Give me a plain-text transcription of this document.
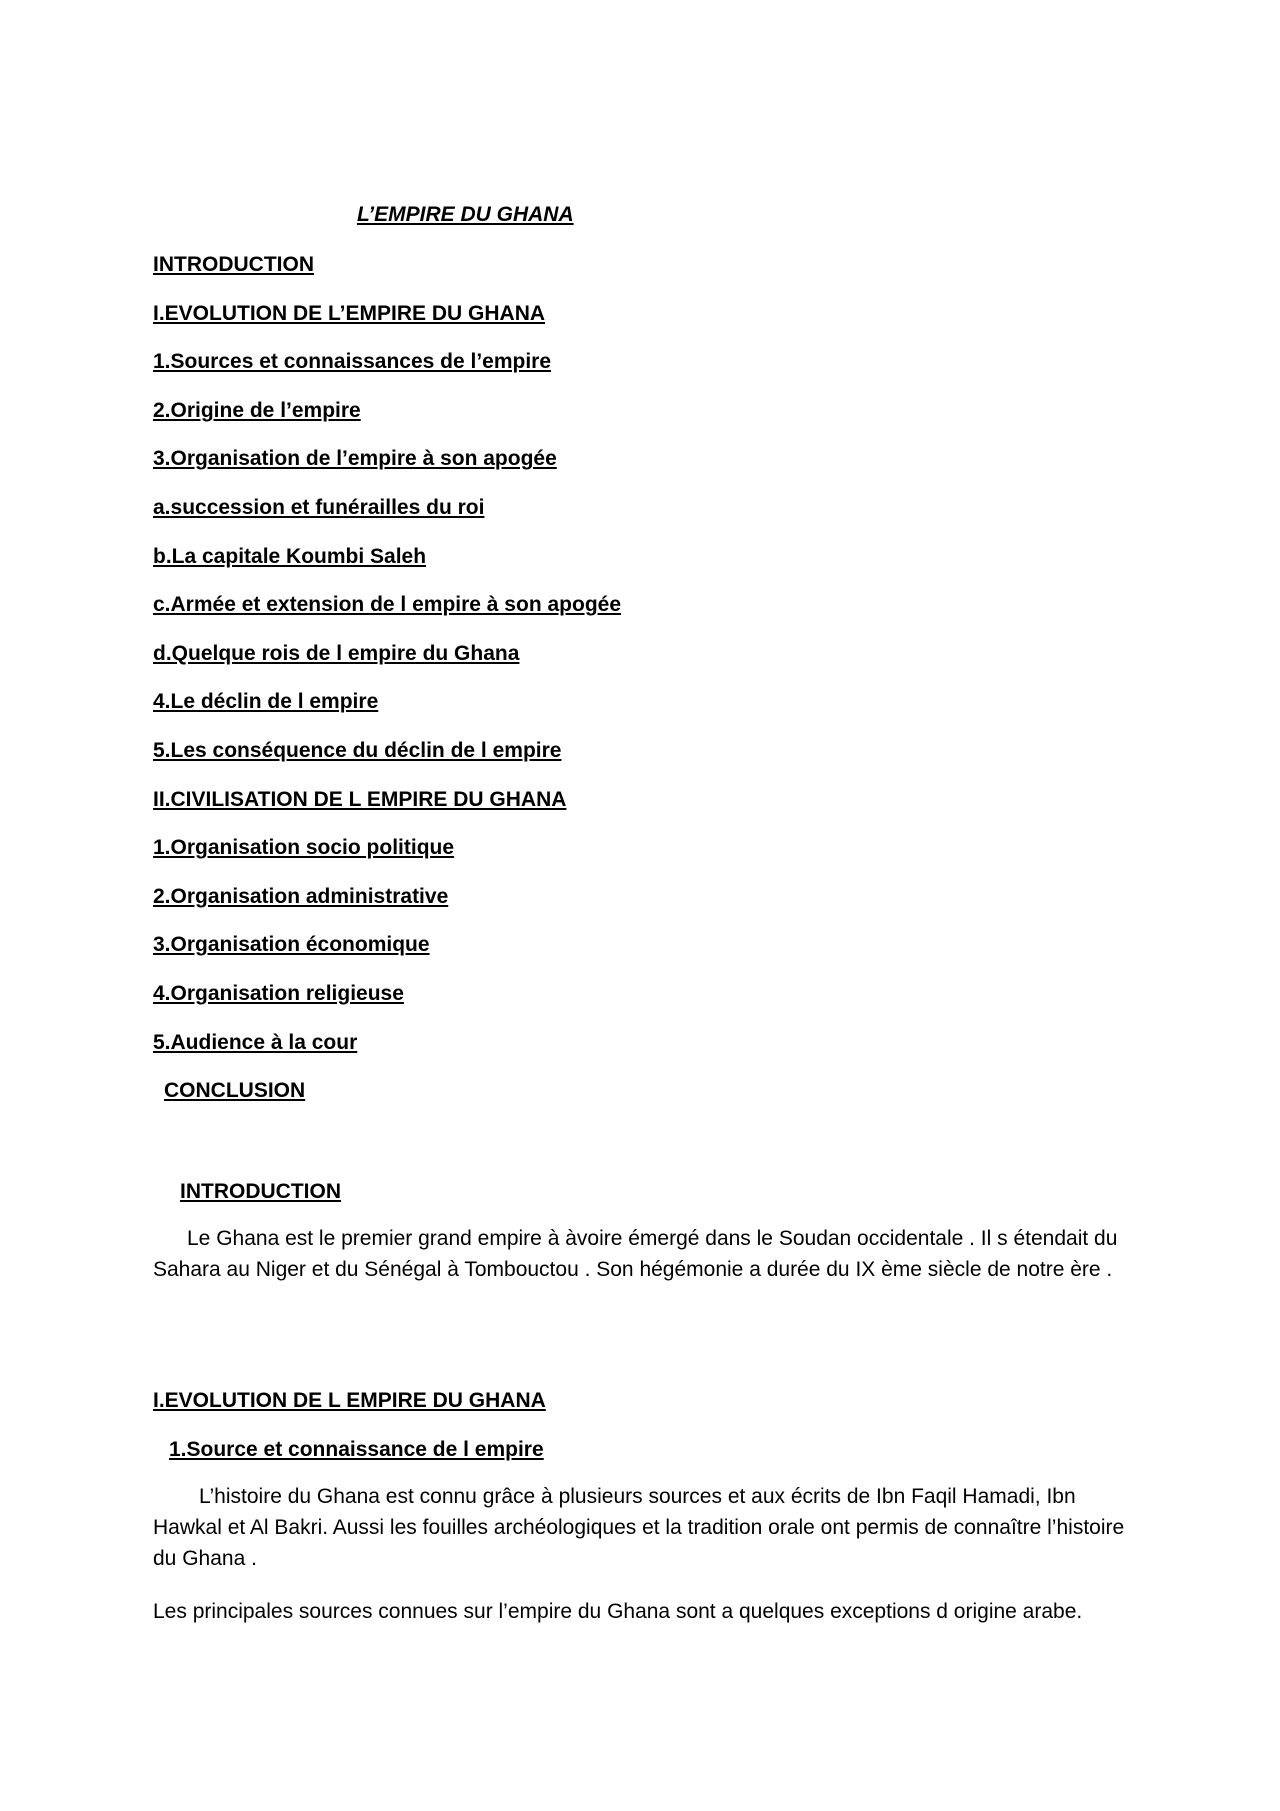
L’EMPIRE DU GHANA
INTRODUCTION
I.EVOLUTION DE L’EMPIRE DU GHANA
1.Sources et connaissances de l’empire
2.Origine de l’empire
3.Organisation de l’empire à son apogée
a.succession et funérailles du roi
b.La capitale Koumbi Saleh
c.Armée et extension de l empire à son apogée
d.Quelque rois de l empire du Ghana
4.Le déclin de l empire
5.Les conséquence du déclin de l empire
II.CIVILISATION DE L EMPIRE DU GHANA
1.Organisation socio politique
2.Organisation administrative
3.Organisation économique
4.Organisation religieuse
5.Audience à la cour
CONCLUSION
INTRODUCTION

Le Ghana est le premier grand empire à àvoire émergé dans le Soudan occidentale . Il s étendait du Sahara au Niger et du Sénégal à Tombouctou . Son hégémonie a durée du IX ème siècle de notre ère .

I.EVOLUTION DE L EMPIRE DU GHANA
1.Source et connaissance de l empire

L’histoire du Ghana est connu grâce à plusieurs sources et aux écrits de Ibn Faqil Hamadi, Ibn Hawkal et Al Bakri. Aussi les fouilles archéologiques et la tradition orale ont permis de connaître l’histoire du Ghana .

Les principales sources connues sur l’empire du Ghana sont a quelques exceptions d origine arabe.
